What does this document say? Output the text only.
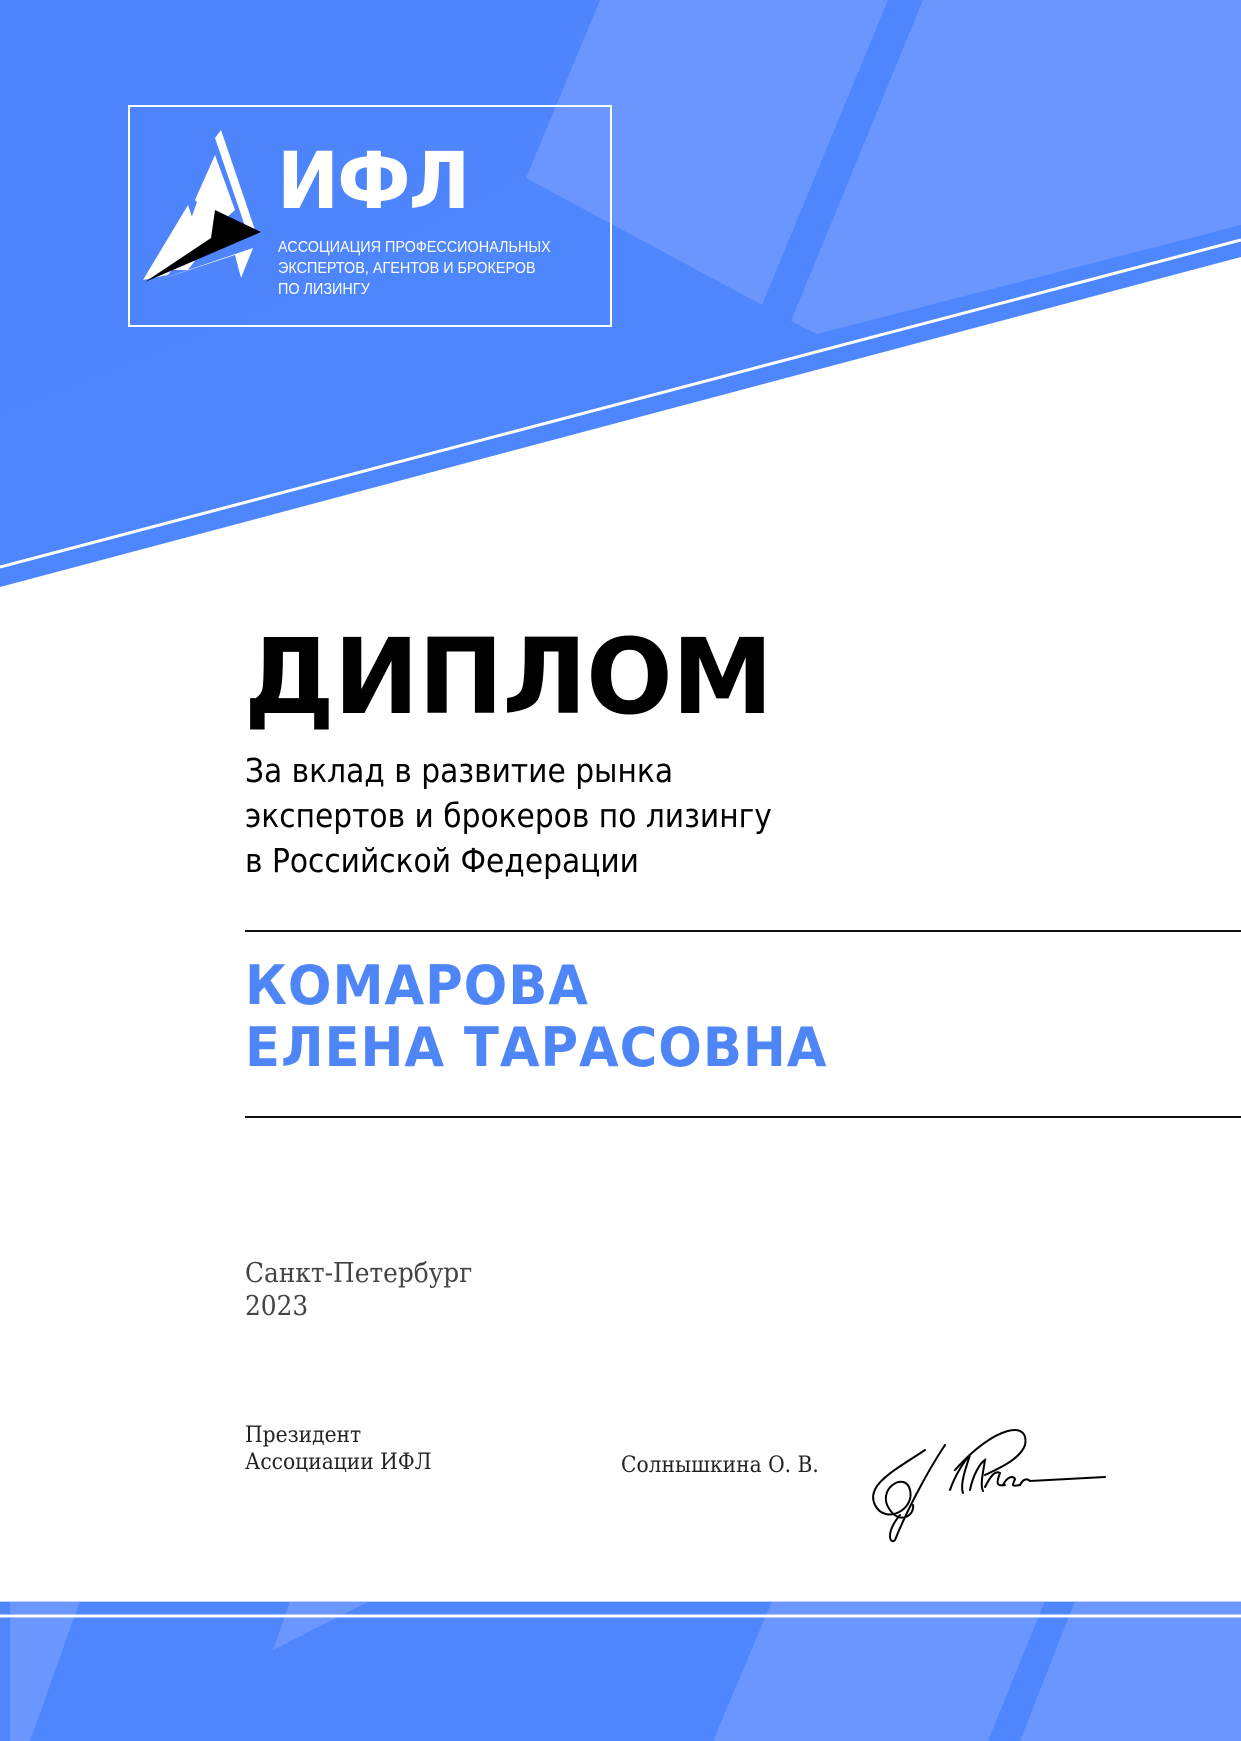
ИФЛ
АССОЦИАЦИЯ ПРОФЕССИОНАЛЬНЫХ
ЭКСПЕРТОВ, АГЕНТОВ И БРОКЕРОВ
ПО ЛИЗИНГУ
ДИПЛОМ
За вклад в развитие рынка
экспертов и брокеров по лизингу
в Российской Федерации
КОМАРОВА
ЕЛЕНА ТАРАСОВНА
Санкт-Петербург
2023
Президент
Ассоциации ИФЛ	Солнышкина О. В.
